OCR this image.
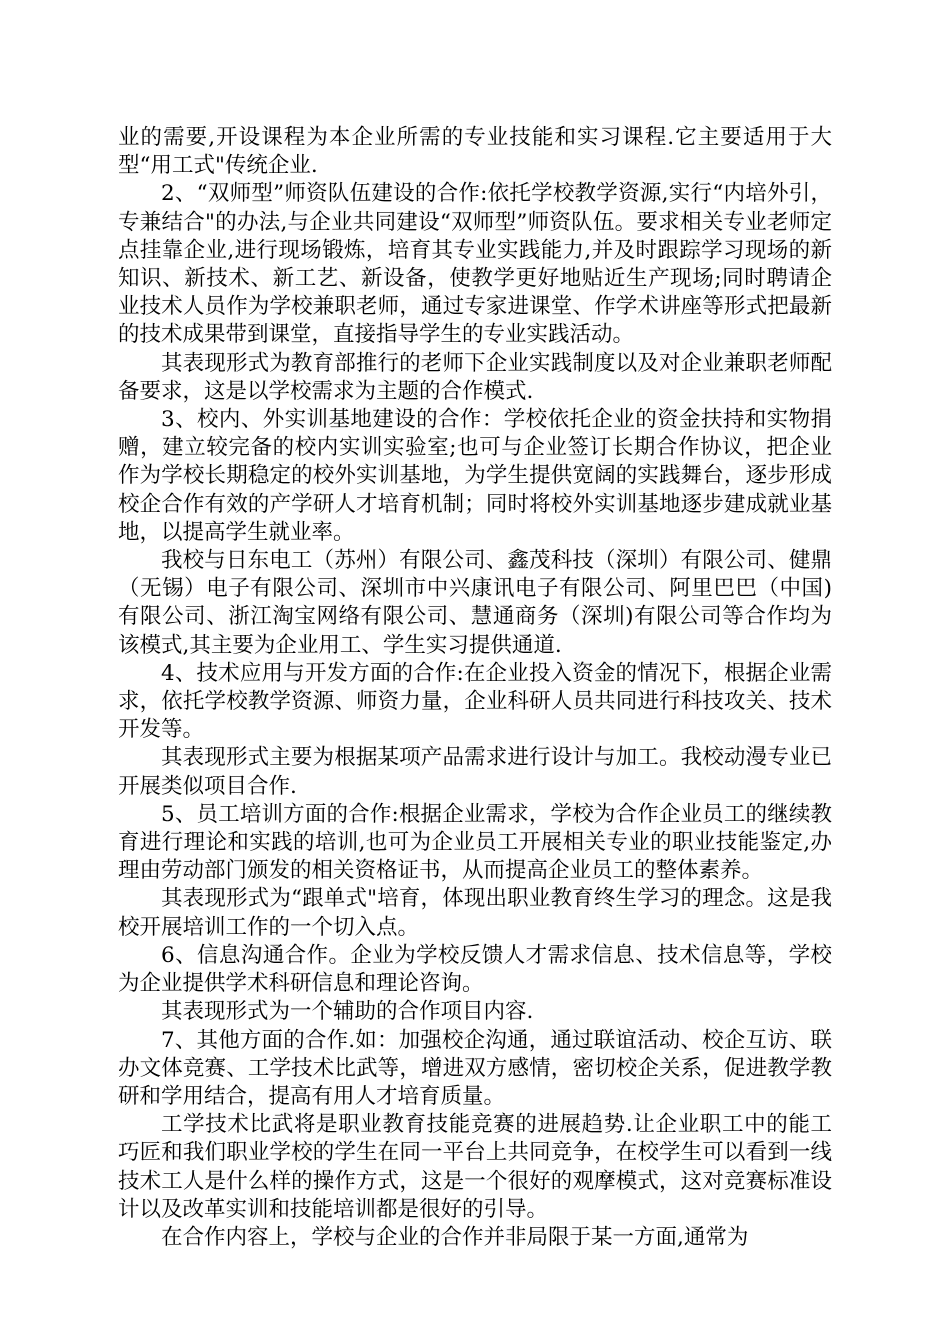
业的需要,开设课程为本企业所需的专业技能和实习课程.它主要适用于大型“用工式"传统企业.

2、“双师型”师资队伍建设的合作:依托学校教学资源,实行“内培外引，专兼结合"的办法,与企业共同建设“双师型”师资队伍。要求相关专业老师定点挂靠企业,进行现场锻炼，培育其专业实践能力,并及时跟踪学习现场的新知识、新技术、新工艺、新设备，使教学更好地贴近生产现场;同时聘请企业技术人员作为学校兼职老师，通过专家进课堂、作学术讲座等形式把最新的技术成果带到课堂，直接指导学生的专业实践活动。

其表现形式为教育部推行的老师下企业实践制度以及对企业兼职老师配备要求，这是以学校需求为主题的合作模式.

3、校内、外实训基地建设的合作：学校依托企业的资金扶持和实物捐赠，建立较完备的校内实训实验室;也可与企业签订长期合作协议，把企业作为学校长期稳定的校外实训基地，为学生提供宽阔的实践舞台，逐步形成校企合作有效的产学研人才培育机制；同时将校外实训基地逐步建成就业基地，以提高学生就业率。

我校与日东电工（苏州）有限公司、鑫茂科技（深圳）有限公司、健鼎（无锡）电子有限公司、深圳市中兴康讯电子有限公司、阿里巴巴（中国)有限公司、浙江淘宝网络有限公司、慧通商务（深圳)有限公司等合作均为该模式,其主要为企业用工、学生实习提供通道.

4、技术应用与开发方面的合作:在企业投入资金的情况下，根据企业需求，依托学校教学资源、师资力量，企业科研人员共同进行科技攻关、技术开发等。

其表现形式主要为根据某项产品需求进行设计与加工。我校动漫专业已开展类似项目合作.

5、员工培训方面的合作:根据企业需求，学校为合作企业员工的继续教育进行理论和实践的培训,也可为企业员工开展相关专业的职业技能鉴定,办理由劳动部门颁发的相关资格证书，从而提高企业员工的整体素养。

其表现形式为“跟单式"培育，体现出职业教育终生学习的理念。这是我校开展培训工作的一个切入点。

6、信息沟通合作。企业为学校反馈人才需求信息、技术信息等，学校为企业提供学术科研信息和理论咨询。

其表现形式为一个辅助的合作项目内容.

7、其他方面的合作.如：加强校企沟通，通过联谊活动、校企互访、联办文体竞赛、工学技术比武等，增进双方感情，密切校企关系，促进教学教研和学用结合，提高有用人才培育质量。

工学技术比武将是职业教育技能竞赛的进展趋势.让企业职工中的能工巧匠和我们职业学校的学生在同一平台上共同竞争，在校学生可以看到一线技术工人是什么样的操作方式，这是一个很好的观摩模式，这对竞赛标准设计以及改革实训和技能培训都是很好的引导。

在合作内容上，学校与企业的合作并非局限于某一方面,通常为
